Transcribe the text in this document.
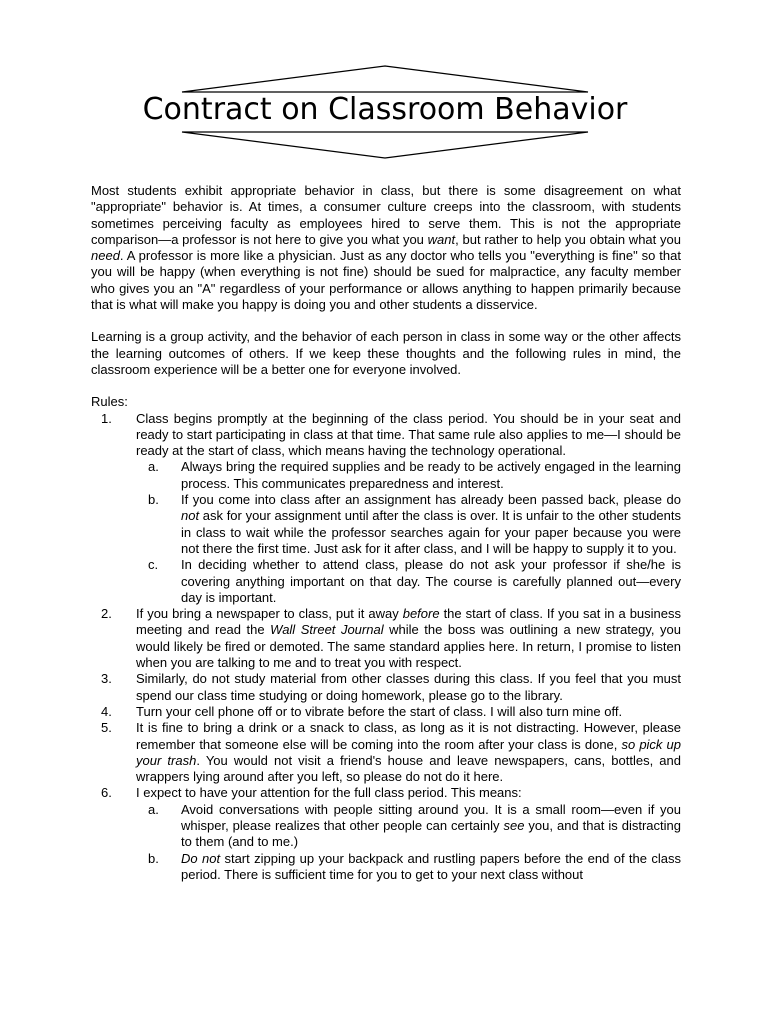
Contract on Classroom Behavior

Most students exhibit appropriate behavior in class, but there is some disagreement on what "appropriate" behavior is. At times, a consumer culture creeps into the classroom, with students sometimes perceiving faculty as employees hired to serve them. This is not the appropriate comparison—a professor is not here to give you what you want, but rather to help you obtain what you need. A professor is more like a physician. Just as any doctor who tells you "everything is fine" so that you will be happy (when everything is not fine) should be sued for malpractice, any faculty member who gives you an "A" regardless of your performance or allows anything to happen primarily because that is what will make you happy is doing you and other students a disservice.

Learning is a group activity, and the behavior of each person in class in some way or the other affects the learning outcomes of others. If we keep these thoughts and the following rules in mind, the classroom experience will be a better one for everyone involved.

Rules:

1. Class begins promptly at the beginning of the class period. You should be in your seat and ready to start participating in class at that time. That same rule also applies to me—I should be ready at the start of class, which means having the technology operational.
a. Always bring the required supplies and be ready to be actively engaged in the learning process. This communicates preparedness and interest.
b. If you come into class after an assignment has already been passed back, please do not ask for your assignment until after the class is over. It is unfair to the other students in class to wait while the professor searches again for your paper because you were not there the first time. Just ask for it after class, and I will be happy to supply it to you.
c. In deciding whether to attend class, please do not ask your professor if she/he is covering anything important on that day. The course is carefully planned out—every day is important.
2. If you bring a newspaper to class, put it away before the start of class. If you sat in a business meeting and read the Wall Street Journal while the boss was outlining a new strategy, you would likely be fired or demoted. The same standard applies here. In return, I promise to listen when you are talking to me and to treat you with respect.
3. Similarly, do not study material from other classes during this class. If you feel that you must spend our class time studying or doing homework, please go to the library.
4. Turn your cell phone off or to vibrate before the start of class. I will also turn mine off.
5. It is fine to bring a drink or a snack to class, as long as it is not distracting. However, please remember that someone else will be coming into the room after your class is done, so pick up your trash. You would not visit a friend's house and leave newspapers, cans, bottles, and wrappers lying around after you left, so please do not do it here.
6. I expect to have your attention for the full class period. This means:
a. Avoid conversations with people sitting around you. It is a small room—even if you whisper, please realizes that other people can certainly see you, and that is distracting to them (and to me.)
b. Do not start zipping up your backpack and rustling papers before the end of the class period. There is sufficient time for you to get to your next class without
